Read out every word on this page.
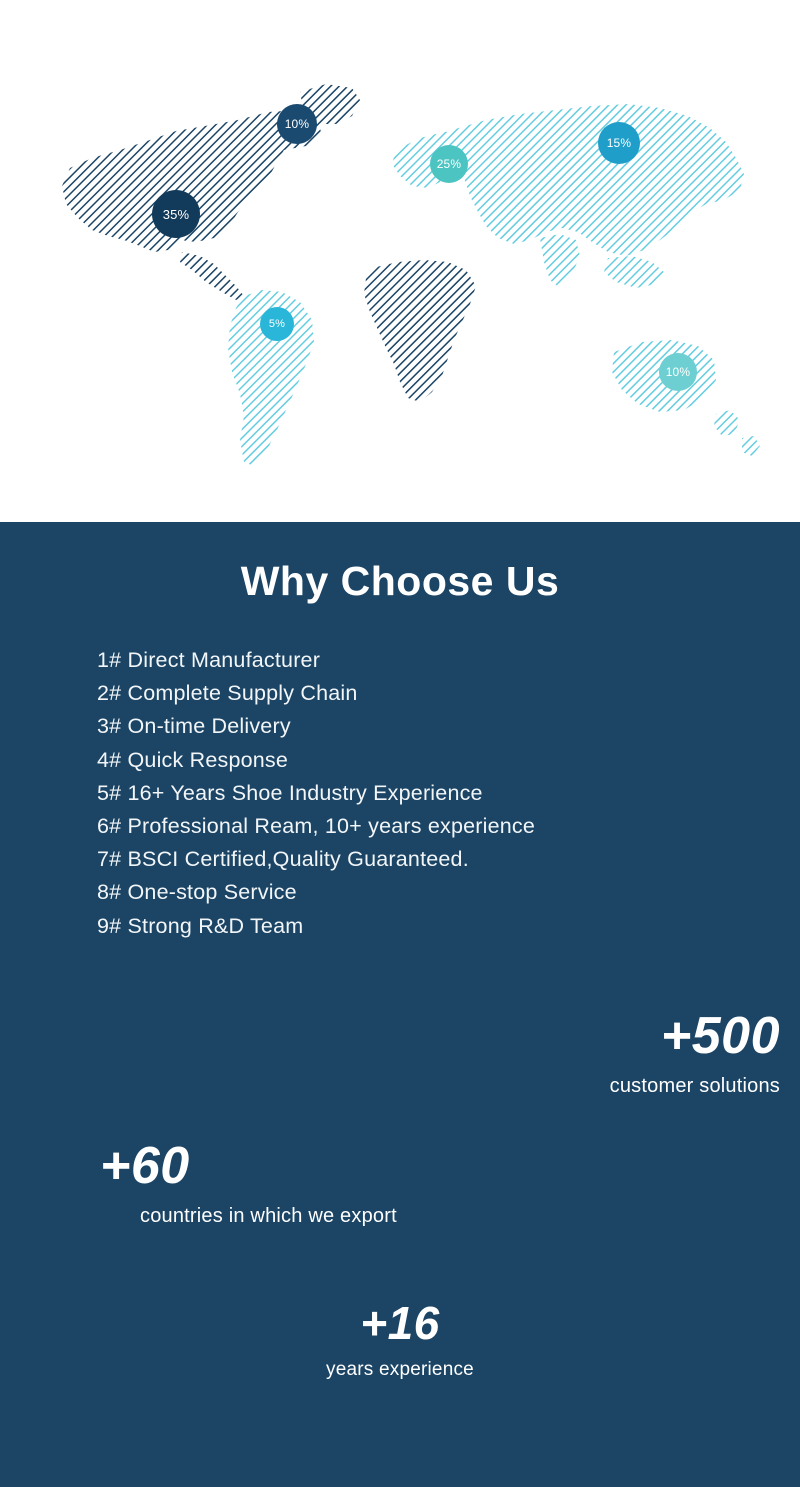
35%
10%
25%
15%
5%
10%
Why Choose Us
1# Direct Manufacturer
2# Complete Supply Chain
3# On-time Delivery
4# Quick Response
5# 16+ Years Shoe Industry Experience
6# Professional Ream, 10+ years experience
7# BSCI Certified,Quality Guaranteed.
8# One-stop Service
9# Strong R&D Team
+500
customer solutions
+60
countries in which we export
+16
years experience
